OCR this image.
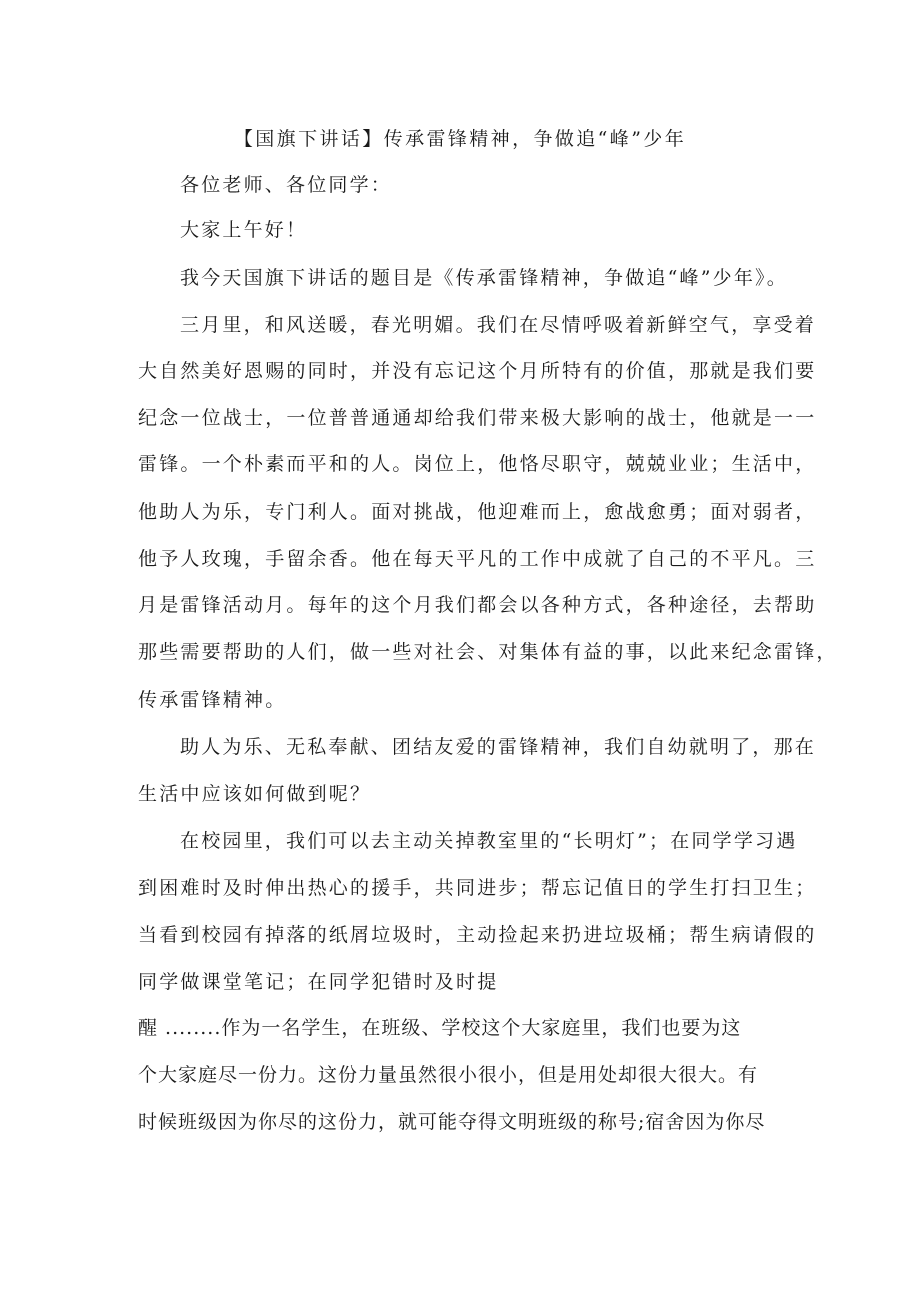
【国旗下讲话】传承雷锋精神，争做追“峰”少年
各位老师、各位同学：
大家上午好！
我今天国旗下讲话的题目是《传承雷锋精神，争做追“峰”少年》。
三月里，和风送暖，春光明媚。我们在尽情呼吸着新鲜空气，享受着
大自然美好恩赐的同时，并没有忘记这个月所特有的价值，那就是我们要
纪念一位战士，一位普普通通却给我们带来极大影响的战士，他就是一一
雷锋。一个朴素而平和的人。岗位上，他恪尽职守，兢兢业业；生活中，
他助人为乐，专门利人。面对挑战，他迎难而上，愈战愈勇；面对弱者，
他予人玫瑰，手留余香。他在每天平凡的工作中成就了自己的不平凡。三
月是雷锋活动月。每年的这个月我们都会以各种方式，各种途径，去帮助
那些需要帮助的人们，做一些对社会、对集体有益的事，以此来纪念雷锋，
传承雷锋精神。
助人为乐、无私奉献、团结友爱的雷锋精神，我们自幼就明了，那在
生活中应该如何做到呢？
在校园里，我们可以去主动关掉教室里的“长明灯”；在同学学习遇
到困难时及时伸出热心的援手，共同进步；帮忘记值日的学生打扫卫生；
当看到校园有掉落的纸屑垃圾时，主动捡起来扔进垃圾桶；帮生病请假的
同学做课堂笔记；在同学犯错时及时提
醒 ........作为一名学生，在班级、学校这个大家庭里，我们也要为这
个大家庭尽一份力。这份力量虽然很小很小，但是用处却很大很大。有
时候班级因为你尽的这份力，就可能夺得文明班级的称号;宿舍因为你尽
